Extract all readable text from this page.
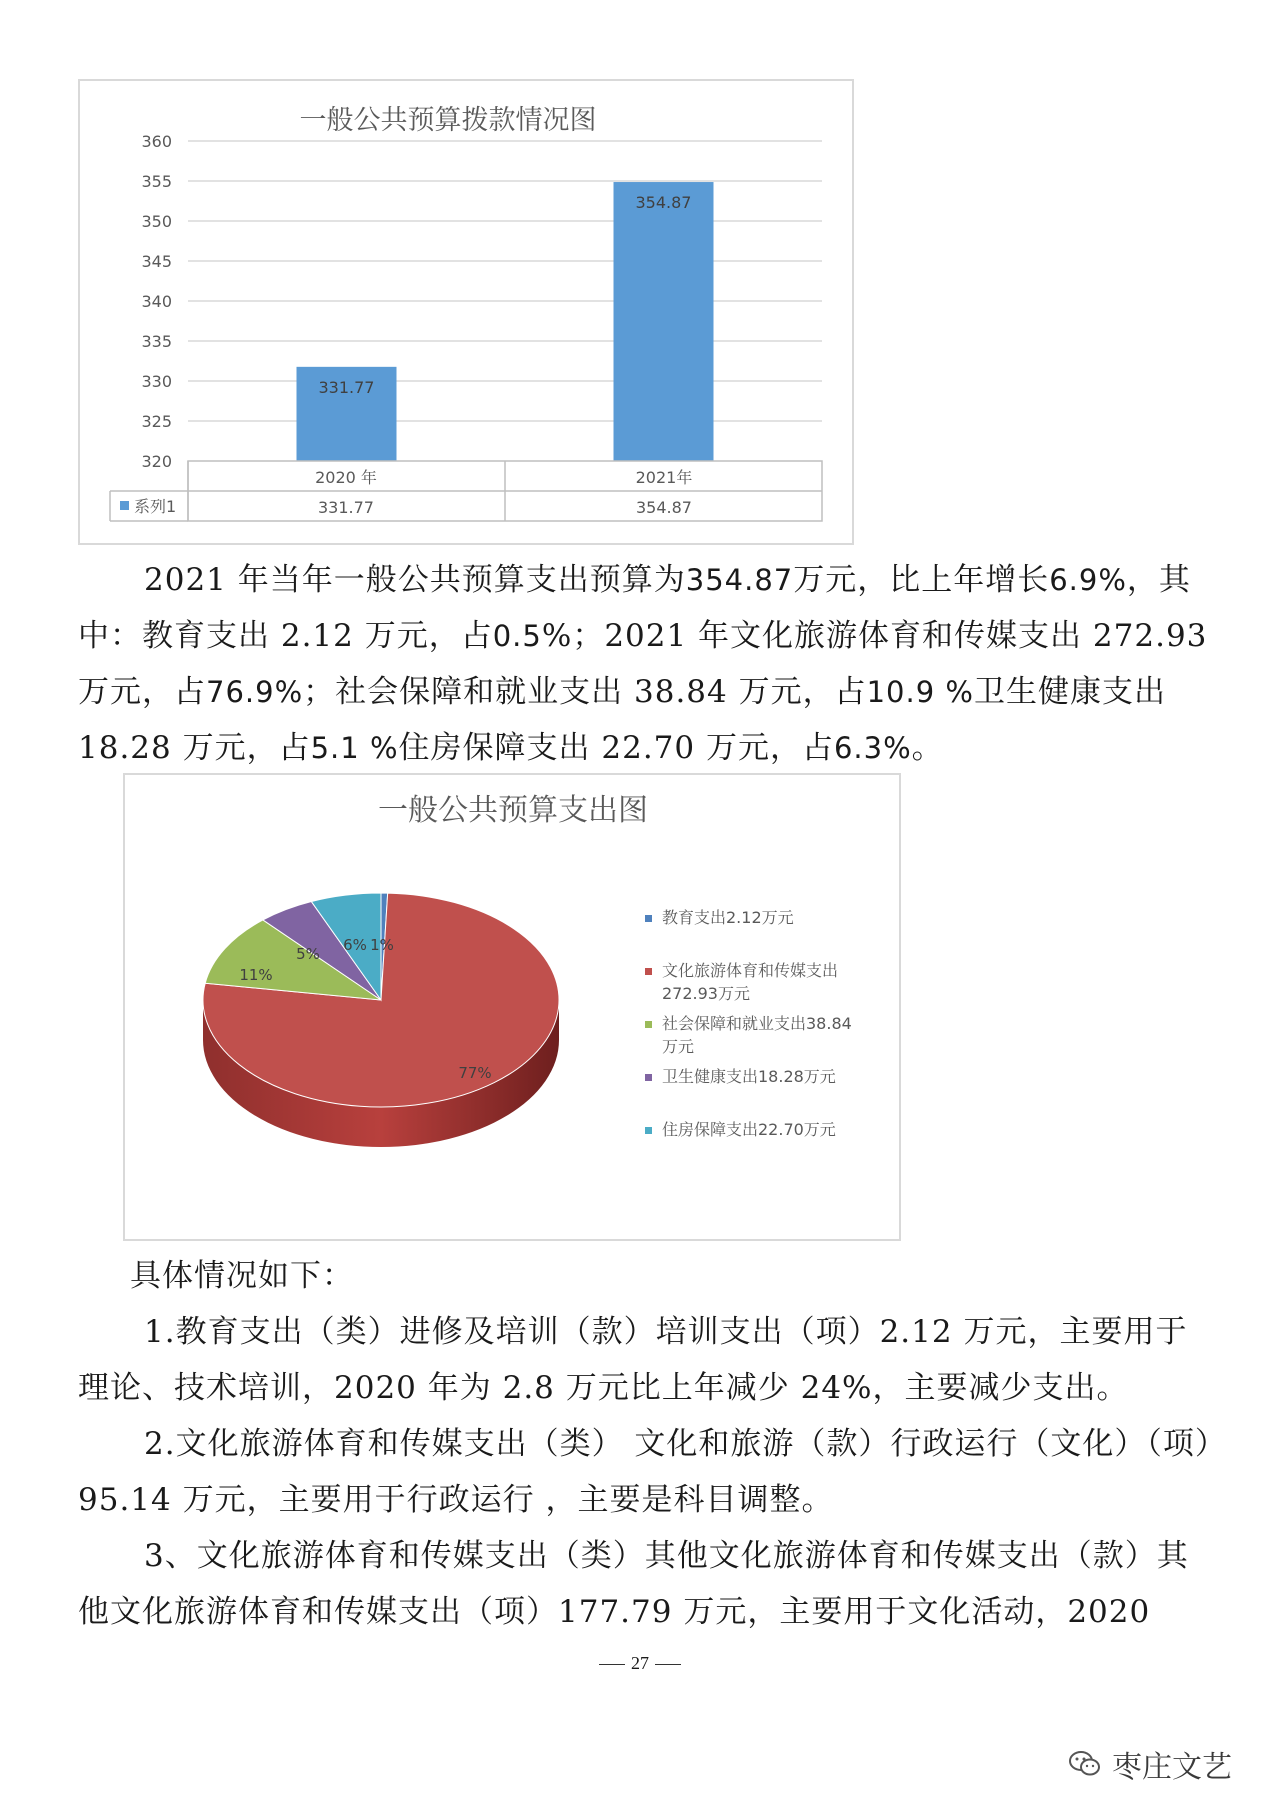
一般公共预算拨款情况图
360
355
350
345
340
335
330
325
320
331.77
354.87
系列1
2020 年	2021年
331.77	354.87

2021 年当年一般公共预算支出预算为354.87万元，比上年增长6.9%，其中：教育支出 2.12 万元，占0.5%；2021 年文化旅游体育和传媒支出 272.93 万元，占76.9%；社会保障和就业支出 38.84 万元，占10.9 %卫生健康支出 18.28 万元，占5.1 %住房保障支出 22.70 万元，占6.3%。

一般公共预算支出图
77%
11%
5% 6% 1%
教育支出2.12万元
文化旅游体育和传媒支出
272.93万元
社会保障和就业支出38.84
万元
卫生健康支出18.28万元
住房保障支出22.70万元

具体情况如下：

1.教育支出（类）进修及培训（款）培训支出（项）2.12 万元，主要用于理论、技术培训，2020 年为 2.8 万元比上年减少 24%，主要减少支出。

2.文化旅游体育和传媒支出（类） 文化和旅游（款）行政运行（文化）（项）95.14 万元，主要用于行政运行 ，主要是科目调整。

3、文化旅游体育和传媒支出（类）其他文化旅游体育和传媒支出（款）其他文化旅游体育和传媒支出（项）177.79 万元，主要用于文化活动，2020

27
枣庄文艺
